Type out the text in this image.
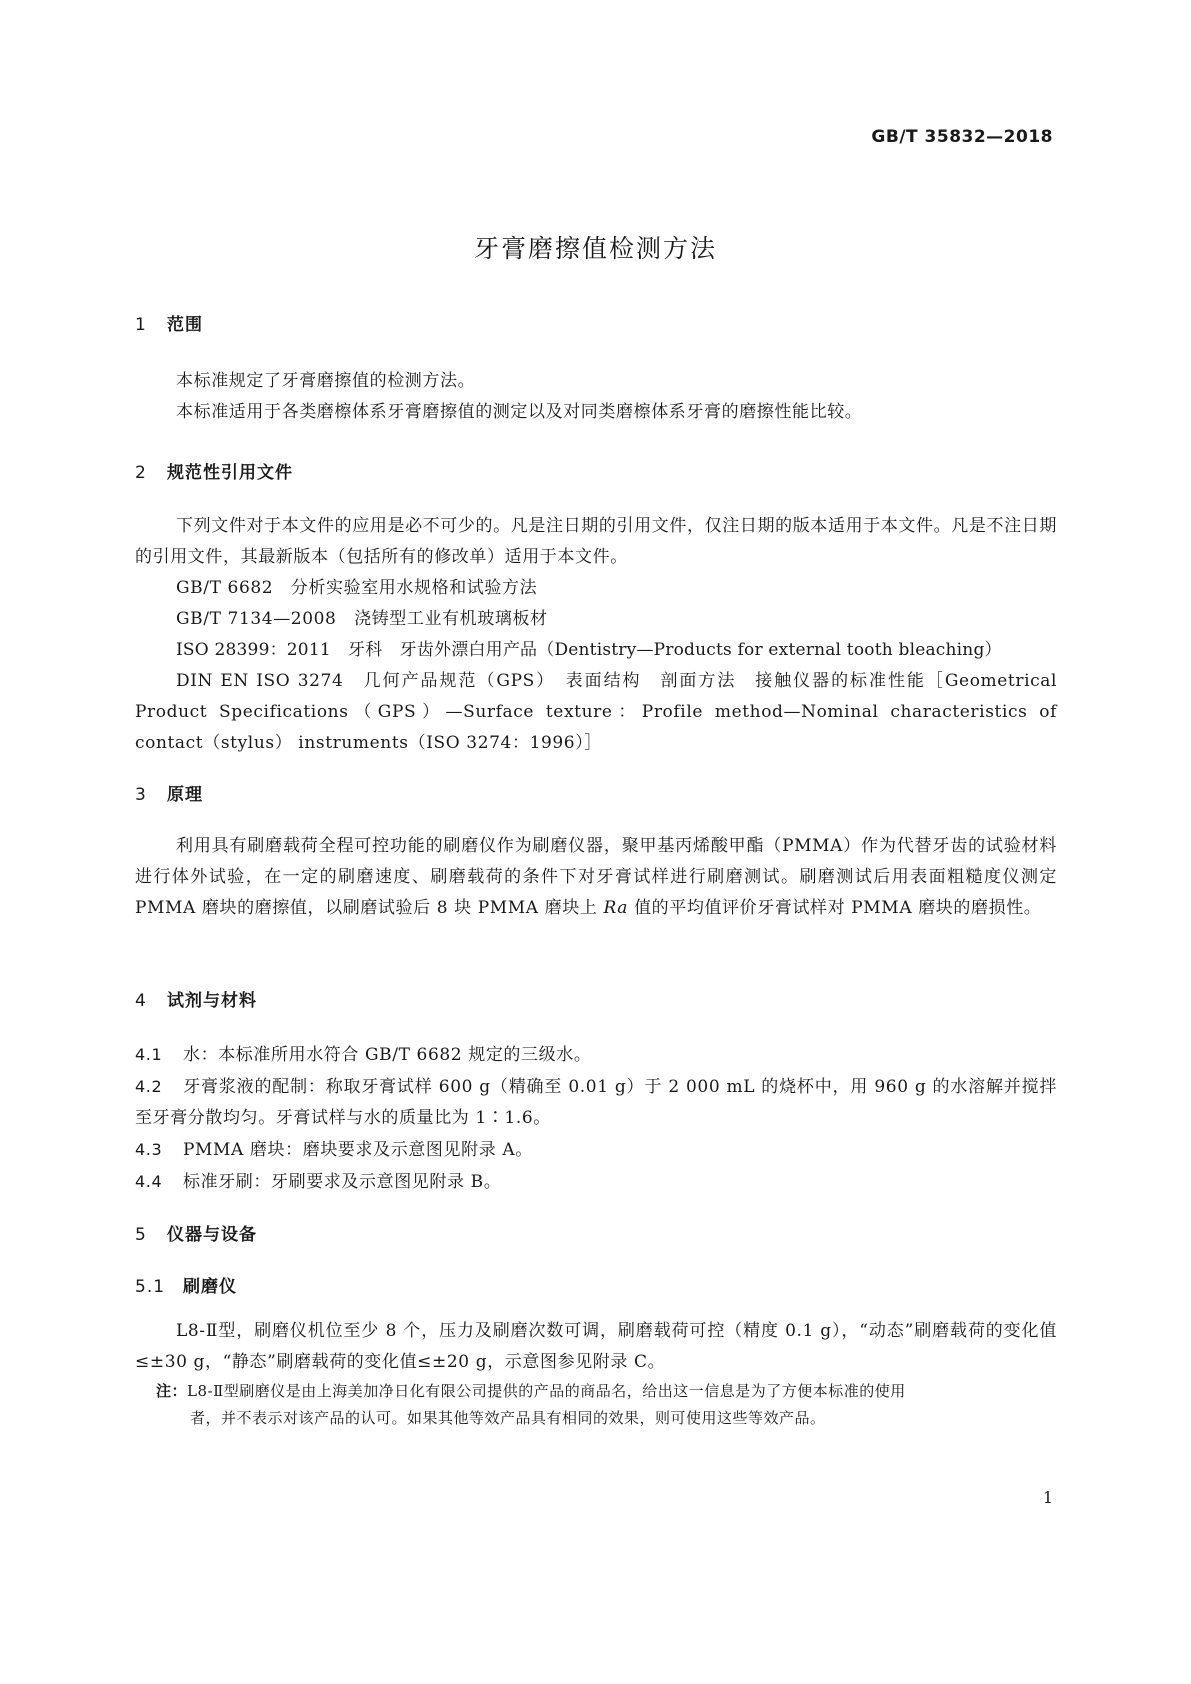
GB/T 35832—2018
牙膏磨擦值检测方法
1 范围

本标准规定了牙膏磨擦值的检测方法。

本标准适用于各类磨檫体系牙膏磨擦值的测定以及对同类磨檫体系牙膏的磨擦性能比较。

2 规范性引用文件

下列文件对于本文件的应用是必不可少的。凡是注日期的引用文件，仅注日期的版本适用于本文件。凡是不注日期的引用文件，其最新版本（包括所有的修改单）适用于本文件。

GB/T 6682　分析实验室用水规格和试验方法

GB/T 7134—2008　浇铸型工业有机玻璃板材

ISO 28399：2011　牙科　牙齿外漂白用产品（Dentistry—Products for external tooth bleaching）

DIN EN ISO 3274　几何产品规范（GPS）　表面结构　剖面方法　接触仪器的标准性能［Geometrical Product Specifications（GPS）—Surface texture：Profile method—Nominal characteristics of contact（stylus） instruments（ISO 3274：1996）］

3 原理

利用具有刷磨载荷全程可控功能的刷磨仪作为刷磨仪器，聚甲基丙烯酸甲酯（PMMA）作为代替牙齿的试验材料进行体外试验，在一定的刷磨速度、刷磨载荷的条件下对牙膏试样进行刷磨测试。刷磨测试后用表面粗糙度仪测定 PMMA 磨块的磨擦值，以刷磨试验后 8 块 PMMA 磨块上 Ra 值的平均值评价牙膏试样对 PMMA 磨块的磨损性。

4 试剂与材料

4.1 水：本标准所用水符合 GB/T 6682 规定的三级水。

4.2 牙膏浆液的配制：称取牙膏试样 600 g（精确至 0.01 g）于 2 000 mL 的烧杯中，用 960 g 的水溶解并搅拌至牙膏分散均匀。牙膏试样与水的质量比为 1∶1.6。

4.3 PMMA 磨块：磨块要求及示意图见附录 A。

4.4 标准牙刷：牙刷要求及示意图见附录 B。

5 仪器与设备
5.1 刷磨仪

L8-Ⅱ型，刷磨仪机位至少 8 个，压力及刷磨次数可调，刷磨载荷可控（精度 0.1 g），“动态”刷磨载荷的变化值≤±30 g，“静态”刷磨载荷的变化值≤±20 g，示意图参见附录 C。

注：L8-Ⅱ型刷磨仪是由上海美加净日化有限公司提供的产品的商品名，给出这一信息是为了方便本标准的使用
者，并不表示对该产品的认可。如果其他等效产品具有相同的效果，则可使用这些等效产品。
1
